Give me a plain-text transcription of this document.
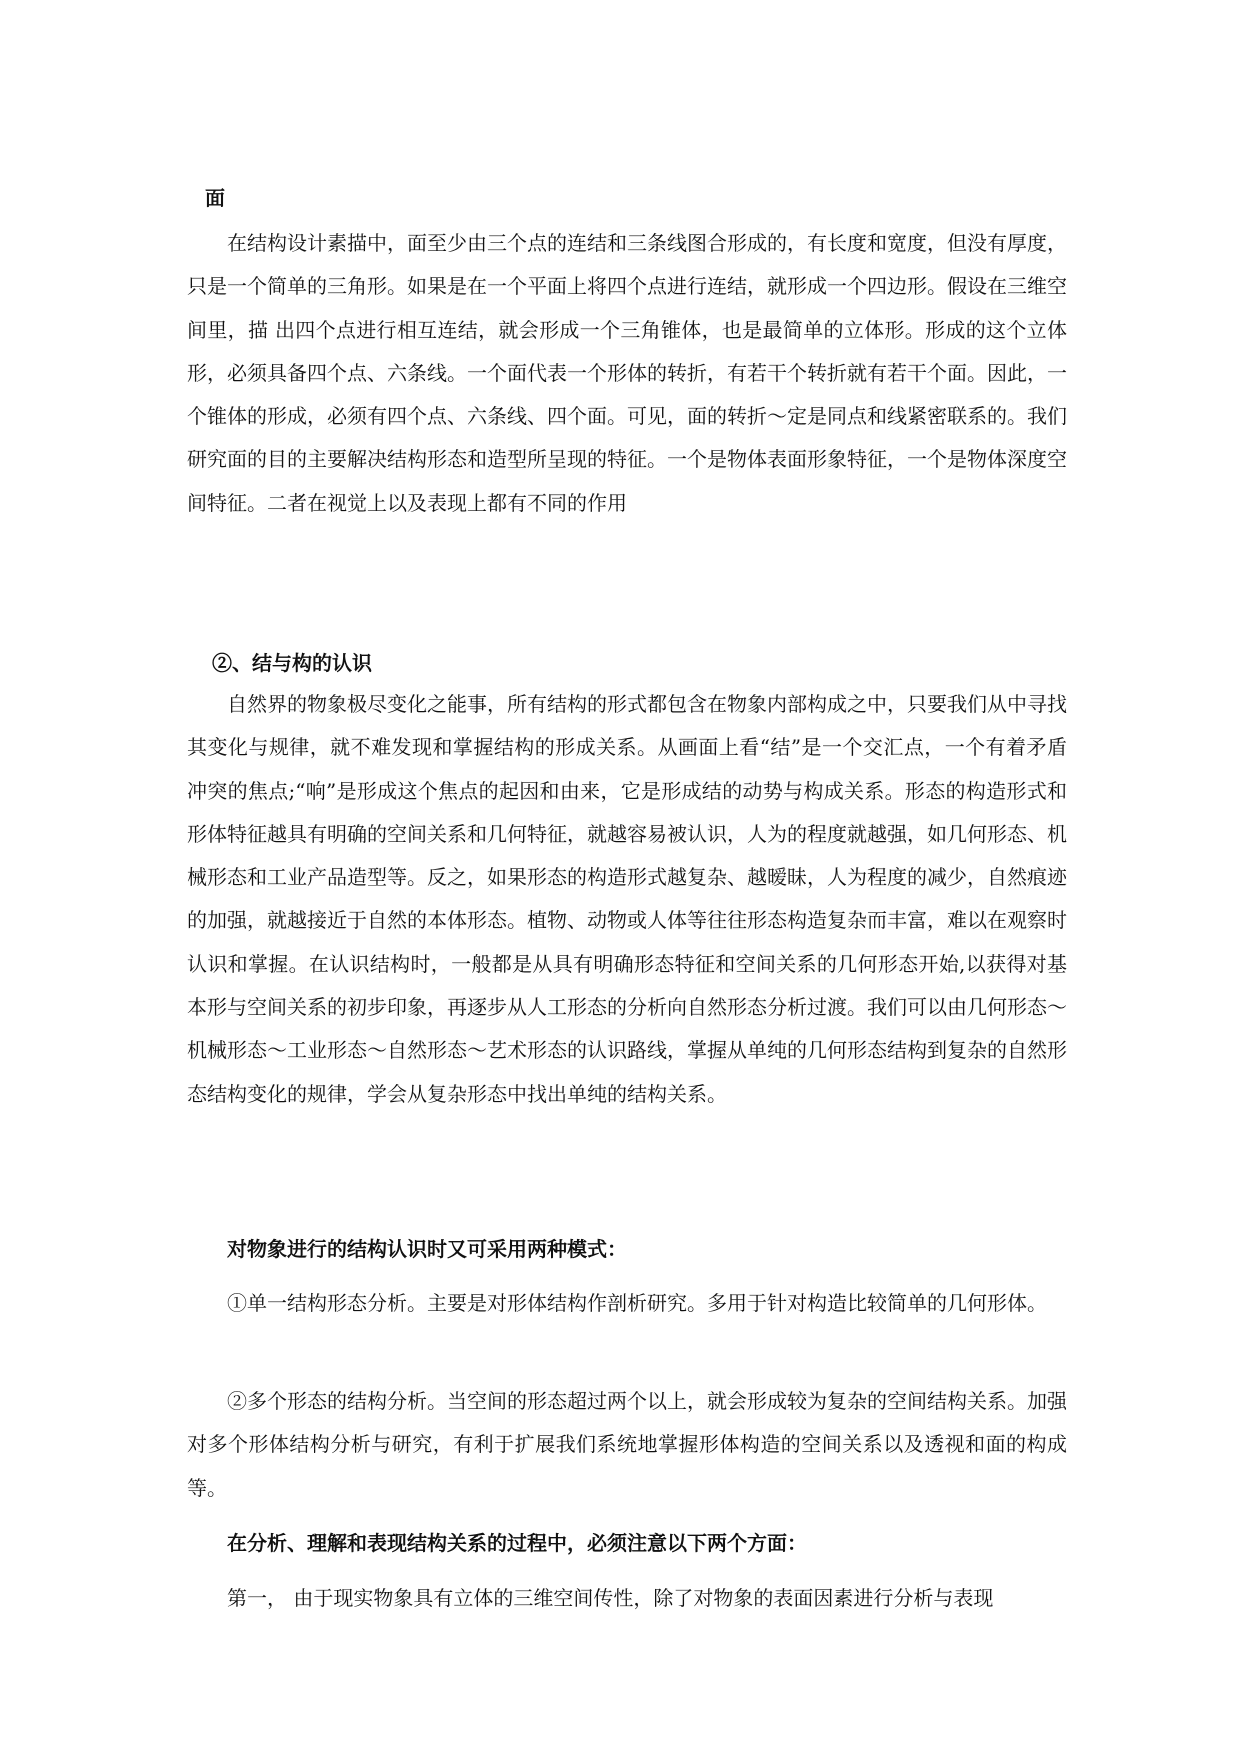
面

在结构设计素描中，面至少由三个点的连结和三条线图合形成的，有长度和宽度，但没有厚度，只是一个简单的三角形。如果是在一个平面上将四个点进行连结，就形成一个四边形。假设在三维空间里，描 出四个点进行相互连结，就会形成一个三角锥体，也是最简单的立体形。形成的这个立体形，必须具备四个点、六条线。一个面代表一个形体的转折，有若干个转折就有若干个面。因此，一个锥体的形成，必须有四个点、六条线、四个面。可见，面的转折～定是同点和线紧密联系的。我们研究面的目的主要解决结构形态和造型所呈现的特征。一个是物体表面形象特征，一个是物体深度空间特征。二者在视觉上以及表现上都有不同的作用

②、结与构的认识

自然界的物象极尽变化之能事，所有结构的形式都包含在物象内部构成之中，只要我们从中寻找其变化与规律，就不难发现和掌握结构的形成关系。从画面上看“结”是一个交汇点，一个有着矛盾冲突的焦点;“响”是形成这个焦点的起因和由来，它是形成结的动势与构成关系。形态的构造形式和形体特征越具有明确的空间关系和几何特征，就越容易被认识，人为的程度就越强，如几何形态、机械形态和工业产品造型等。反之，如果形态的构造形式越复杂、越暧昧，人为程度的减少，自然痕迹的加强，就越接近于自然的本体形态。植物、动物或人体等往往形态构造复杂而丰富，难以在观察时认识和掌握。在认识结构时，一般都是从具有明确形态特征和空间关系的几何形态开始,以获得对基本形与空间关系的初步印象，再逐步从人工形态的分析向自然形态分析过渡。我们可以由几何形态～机械形态～工业形态～自然形态～艺术形态的认识路线，掌握从单纯的几何形态结构到复杂的自然形态结构变化的规律，学会从复杂形态中找出单纯的结构关系。

对物象进行的结构认识时又可采用两种模式：

①单一结构形态分析。主要是对形体结构作剖析研究。多用于针对构造比较简单的几何形体。

②多个形态的结构分析。当空间的形态超过两个以上，就会形成较为复杂的空间结构关系。加强对多个形体结构分析与研究，有利于扩展我们系统地掌握形体构造的空间关系以及透视和面的构成等。

在分析、理解和表现结构关系的过程中，必须注意以下两个方面：

第一， 由于现实物象具有立体的三维空间传性，除了对物象的表面因素进行分析与表现
